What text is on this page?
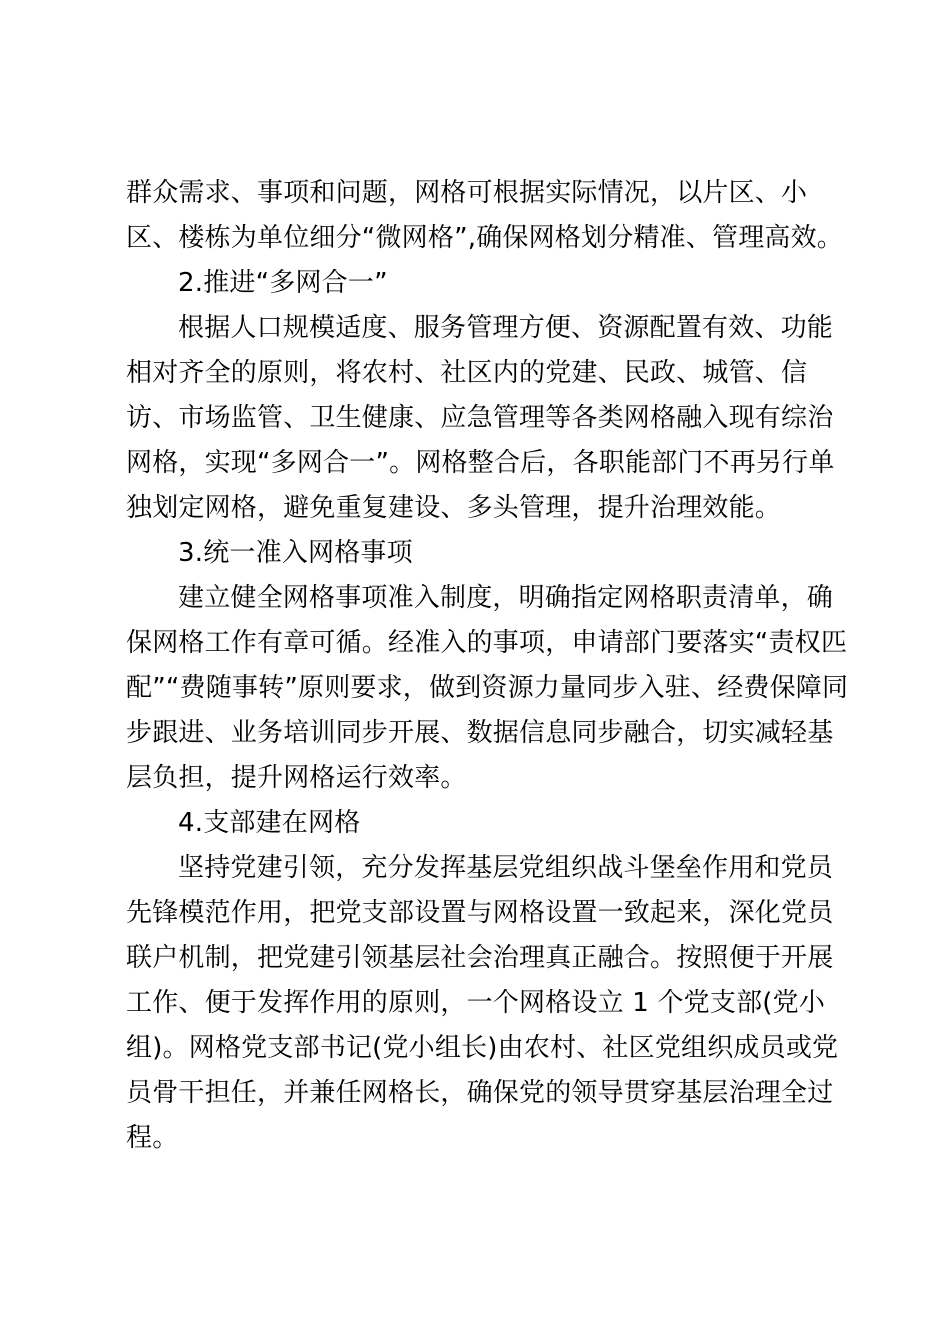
群众需求、事项和问题，网格可根据实际情况，以片区、小
区、楼栋为单位细分“微网格”,确保网格划分精准、管理高效。
2.推进“多网合一”
根据人口规模适度、服务管理方便、资源配置有效、功能
相对齐全的原则，将农村、社区内的党建、民政、城管、信
访、市场监管、卫生健康、应急管理等各类网格融入现有综治
网格，实现“多网合一”。网格整合后，各职能部门不再另行单
独划定网格，避免重复建设、多头管理，提升治理效能。
3.统一准入网格事项
建立健全网格事项准入制度，明确指定网格职责清单，确
保网格工作有章可循。经准入的事项，申请部门要落实“责权匹
配”“费随事转”原则要求，做到资源力量同步入驻、经费保障同
步跟进、业务培训同步开展、数据信息同步融合，切实减轻基
层负担，提升网格运行效率。
4.支部建在网格
坚持党建引领，充分发挥基层党组织战斗堡垒作用和党员
先锋模范作用，把党支部设置与网格设置一致起来，深化党员
联户机制，把党建引领基层社会治理真正融合。按照便于开展
工作、便于发挥作用的原则，一个网格设立 1 个党支部(党小
组)。网格党支部书记(党小组长)由农村、社区党组织成员或党
员骨干担任，并兼任网格长，确保党的领导贯穿基层治理全过
程。
